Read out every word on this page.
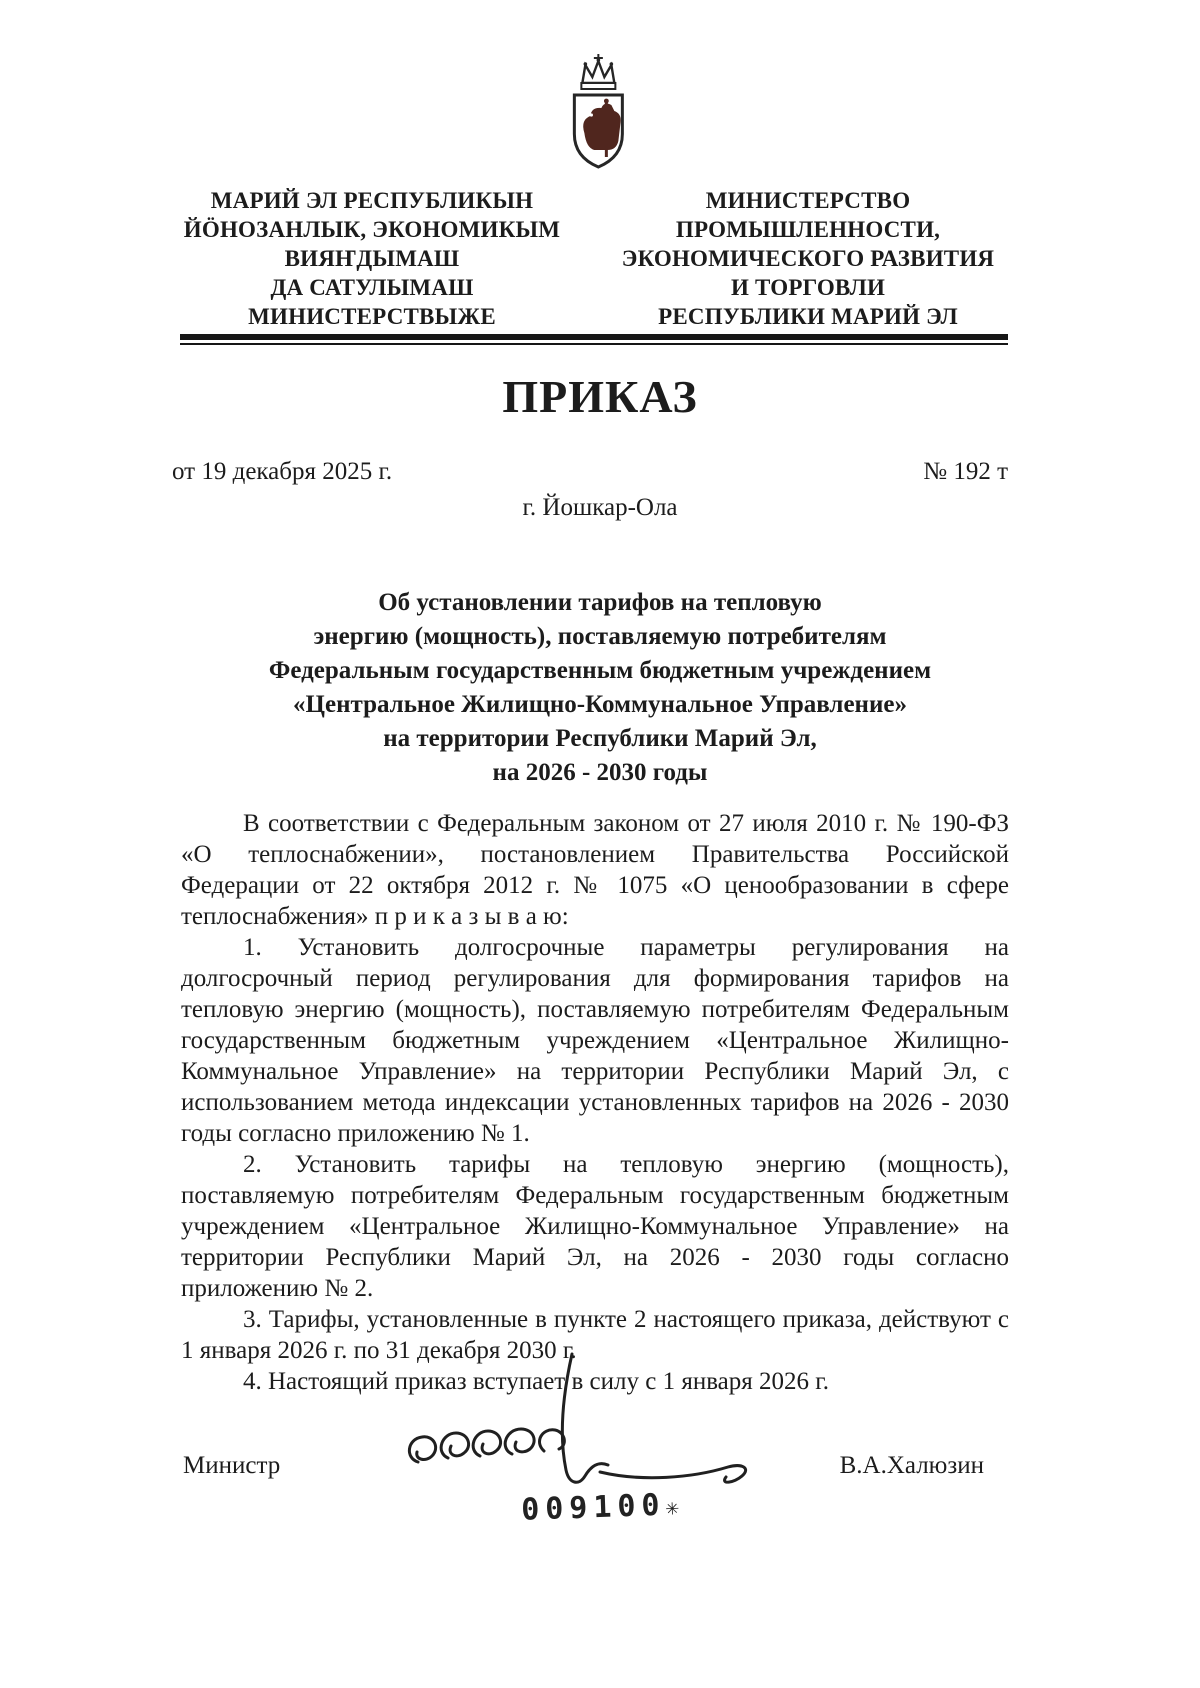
МАРИЙ ЭЛ РЕСПУБЛИКЫН
ЙӦНОЗАНЛЫК, ЭКОНОМИКЫМ
ВИЯҤДЫМАШ
ДА САТУЛЫМАШ
МИНИСТЕРСТВЫЖЕ
МИНИСТЕРСТВО
ПРОМЫШЛЕННОСТИ,
ЭКОНОМИЧЕСКОГО РАЗВИТИЯ
И ТОРГОВЛИ
РЕСПУБЛИКИ МАРИЙ ЭЛ
ПРИКАЗ
от 19 декабря 2025 г.	№ 192 т
г. Йошкар-Ола
Об установлении тарифов на тепловую
энергию (мощность), поставляемую потребителям
Федеральным государственным бюджетным учреждением
«Центральное Жилищно-Коммунальное Управление»
на территории Республики Марий Эл,
на 2026 - 2030 годы

В соответствии с Федеральным законом от 27 июля 2010 г. № 190-ФЗ «О теплоснабжении», постановлением Правительства Российской Федерации от 22 октября 2012 г. № 1075 «О ценообразовании в сфере теплоснабжения» п р и к а з ы в а ю:

1. Установить долгосрочные параметры регулирования на долгосрочный период регулирования для формирования тарифов на тепловую энергию (мощность), поставляемую потребителям Федеральным государственным бюджетным учреждением «Центральное Жилищно-Коммунальное Управление» на территории Республики Марий Эл, с использованием метода индексации установленных тарифов на 2026 - 2030 годы согласно приложению № 1.

2. Установить тарифы на тепловую энергию (мощность), поставляемую потребителям Федеральным государственным бюджетным учреждением «Центральное Жилищно-Коммунальное Управление» на территории Республики Марий Эл, на 2026 - 2030 годы согласно приложению № 2.

3. Тарифы, установленные в пункте 2 настоящего приказа, действуют с 1 января 2026 г. по 31 декабря 2030 г.

4. Настоящий приказ вступает в силу с 1 января 2026 г.

Министр	В.А.Халюзин
009100✳
